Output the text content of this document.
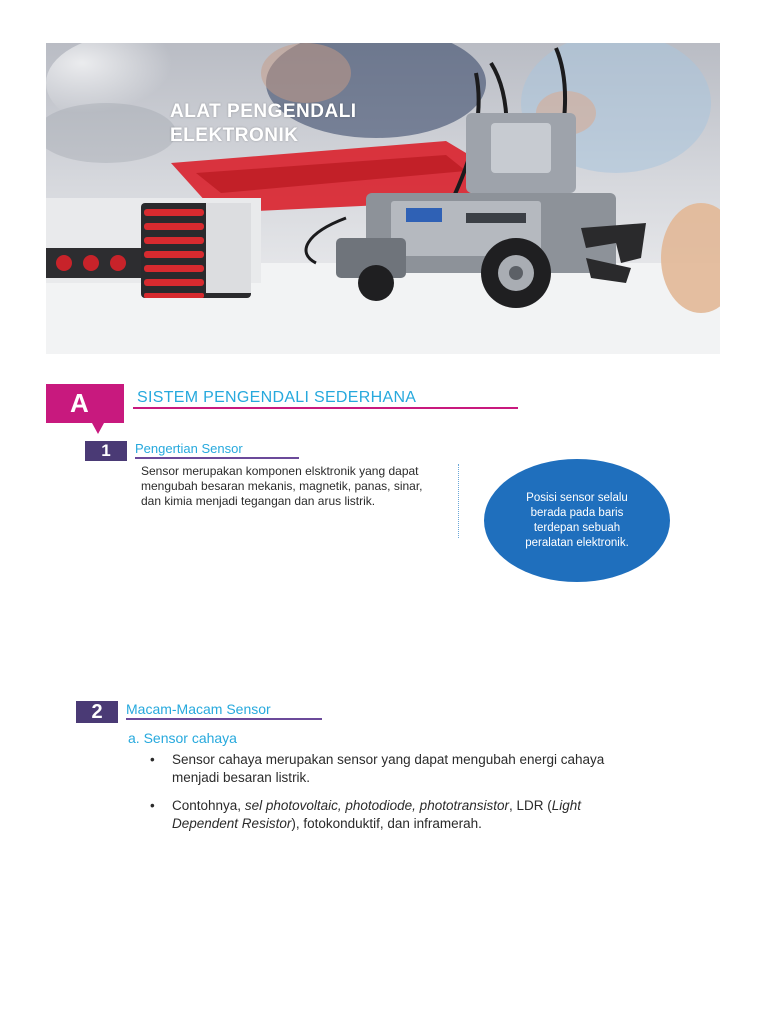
ALAT PENGENDALI
ELEKTRONIK
A	SISTEM PENGENDALI SEDERHANA
1	Pengertian Sensor

Sensor merupakan komponen elsktronik yang dapat mengubah besaran mekanis, magnetik, panas, sinar, dan kimia menjadi tegangan dan arus listrik.	Posisi sensor selalu berada pada baris terdepan sebuah peralatan elektronik.
2	Macam-Macam Sensor
a. Sensor cahaya
• Sensor cahaya merupakan sensor yang dapat mengubah energi cahaya menjadi besaran listrik.
• Contohnya, sel photovoltaic, photodiode, phototransistor, LDR (Light Dependent Resistor), fotokonduktif, dan inframerah.
